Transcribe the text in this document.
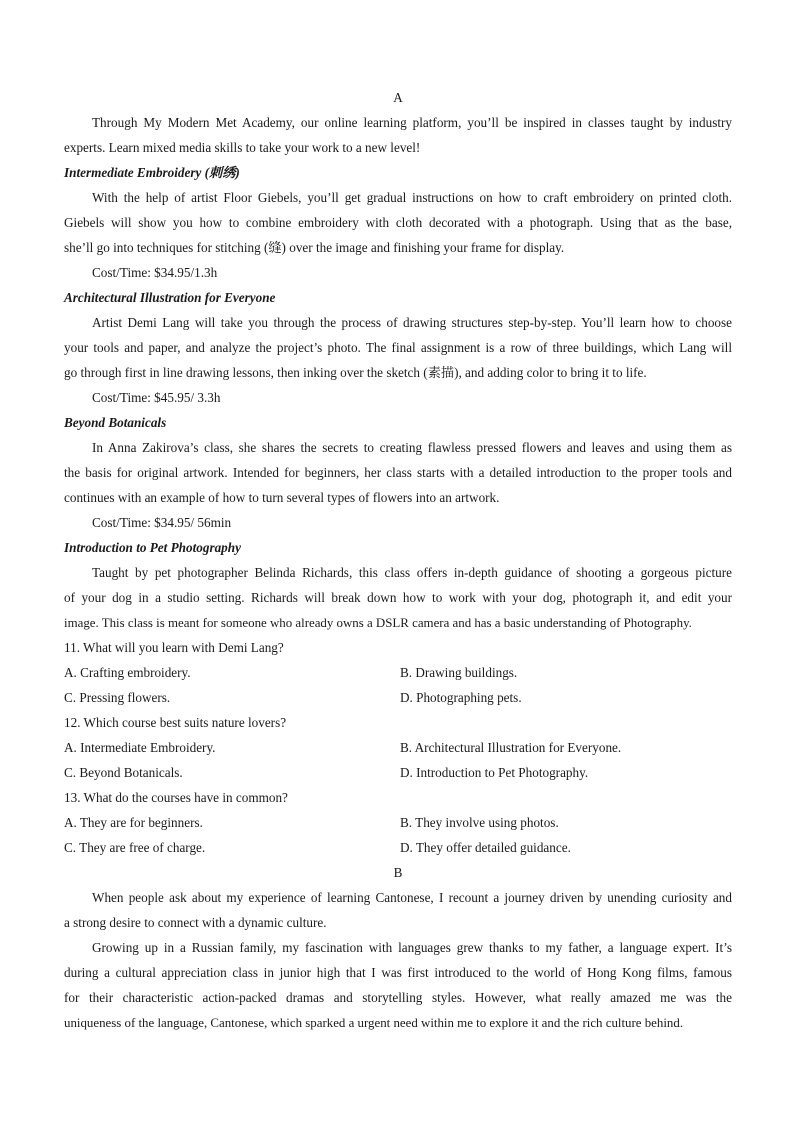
A
Through My Modern Met Academy, our online learning platform, you’ll be inspired in classes taught by industry
experts. Learn mixed media skills to take your work to a new level!
Intermediate Embroidery (刺绣)
With the help of artist Floor Giebels, you’ll get gradual instructions on how to craft embroidery on printed cloth.
Giebels will show you how to combine embroidery with cloth decorated with a photograph. Using that as the base,
she’ll go into techniques for stitching (缝) over the image and finishing your frame for display.
Cost/Time: $34.95/1.3h
Architectural Illustration for Everyone
Artist Demi Lang will take you through the process of drawing structures step-by-step. You’ll learn how to choose
your tools and paper, and analyze the project’s photo. The final assignment is a row of three buildings, which Lang will
go through first in line drawing lessons, then inking over the sketch (素描), and adding color to bring it to life.
Cost/Time: $45.95/ 3.3h
Beyond Botanicals
In Anna Zakirova’s class, she shares the secrets to creating flawless pressed flowers and leaves and using them as
the basis for original artwork. Intended for beginners, her class starts with a detailed introduction to the proper tools and
continues with an example of how to turn several types of flowers into an artwork.
Cost/Time: $34.95/ 56min
Introduction to Pet Photography
Taught by pet photographer Belinda Richards, this class offers in-depth guidance of shooting a gorgeous picture
of your dog in a studio setting. Richards will break down how to work with your dog, photograph it, and edit your
image. This class is meant for someone who already owns a DSLR camera and has a basic understanding of Photography.
11. What will you learn with Demi Lang?
A. Crafting embroidery.	B. Drawing buildings.
C. Pressing flowers.	D. Photographing pets.
12. Which course best suits nature lovers?
A. Intermediate Embroidery.	B. Architectural Illustration for Everyone.
C. Beyond Botanicals.	D. Introduction to Pet Photography.
13. What do the courses have in common?
A. They are for beginners.	B. They involve using photos.
C. They are free of charge.	D. They offer detailed guidance.
B
When people ask about my experience of learning Cantonese, I recount a journey driven by unending curiosity and
a strong desire to connect with a dynamic culture.
Growing up in a Russian family, my fascination with languages grew thanks to my father, a language expert. It’s
during a cultural appreciation class in junior high that I was first introduced to the world of Hong Kong films, famous
for their characteristic action-packed dramas and storytelling styles. However, what really amazed me was the
uniqueness of the language, Cantonese, which sparked a urgent need within me to explore it and the rich culture behind.
